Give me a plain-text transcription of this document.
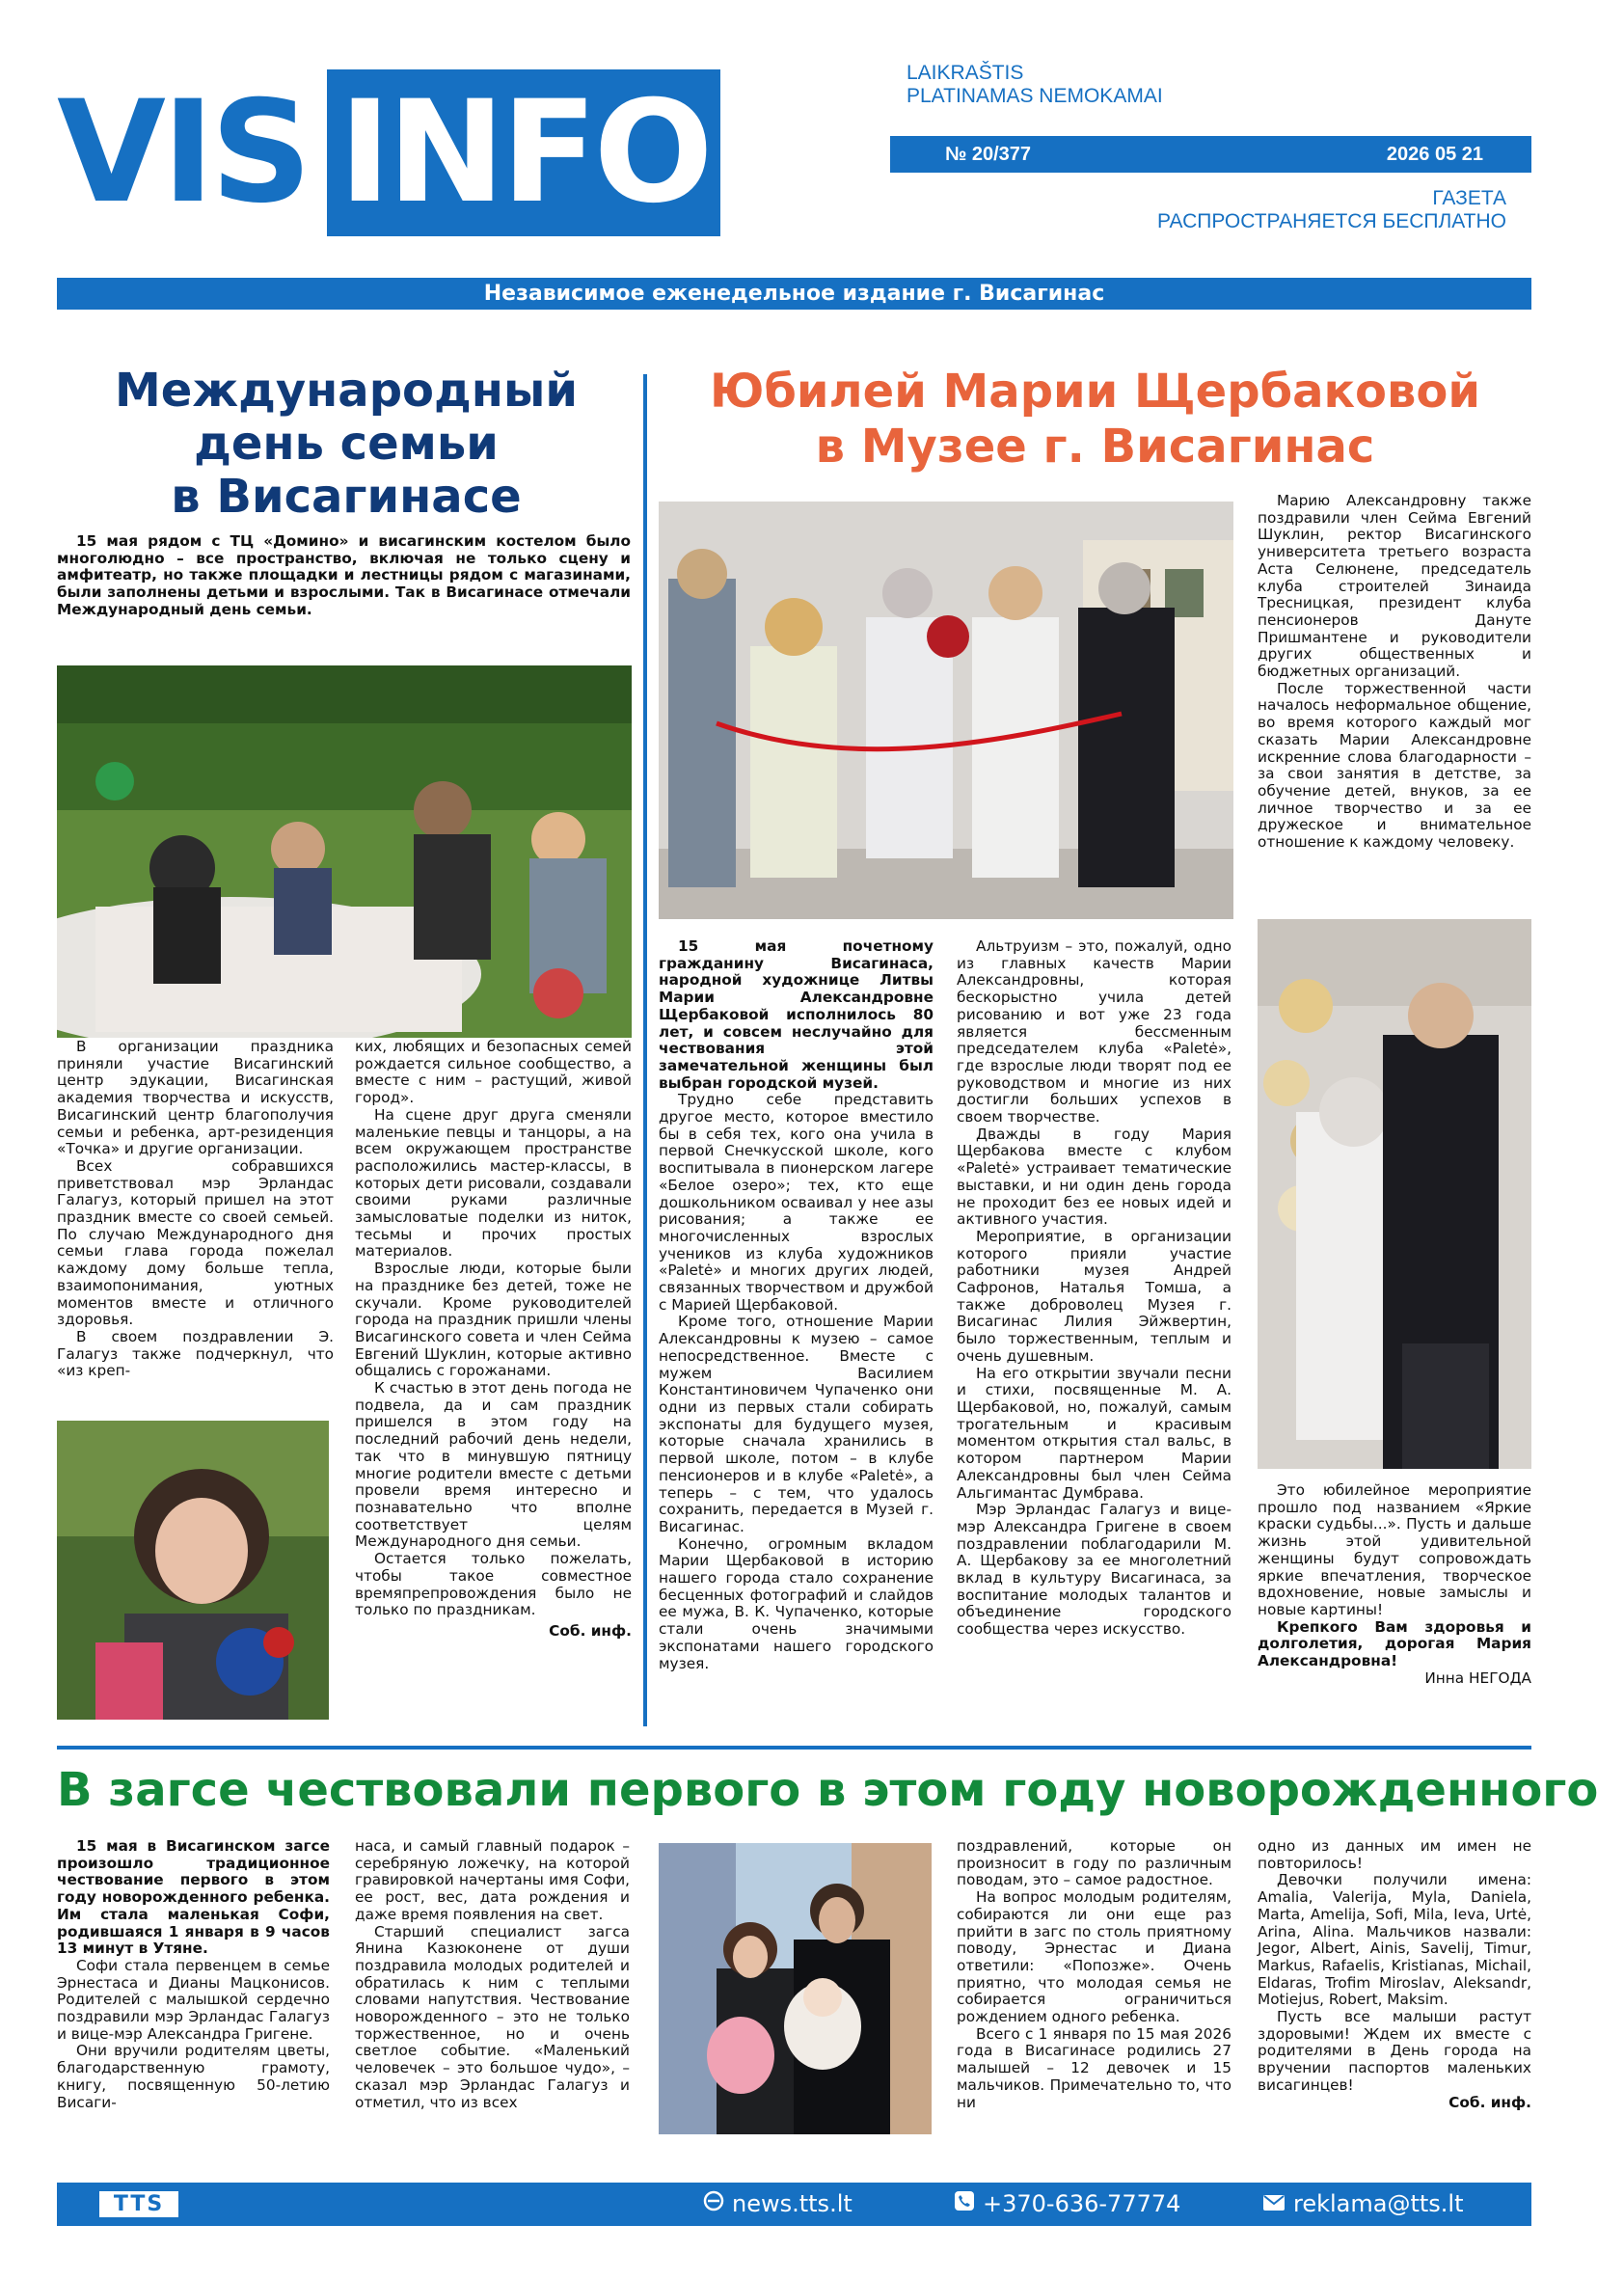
VIS INFO	LAIKRAŠTIS
PLATINAMAS NEMOKAMAI
№ 20/377	2026 05 21
ГАЗЕТА
РАСПРОСТРАНЯЕТСЯ БЕСПЛАТНО
Независимое еженедельное издание г. Висагинас
Международный
день семьи
в Висагинасе

15 мая рядом с ТЦ «Домино» и висагинским костелом было многолюдно – все пространство, включая не только сцену и амфитеатр, но также площадки и лестницы рядом с магазинами, были заполнены детьми и взрослыми. Так в Висагинасе отмечали Международный день семьи.

В организации праздника приняли участие Висагинский центр эдукации, Висагинская академия творчества и искусств, Висагинский центр благополучия семьи и ребенка, арт-резиденция «Точка» и другие организации.

Всех собравшихся приветствовал мэр Эрландас Галагуз, который пришел на этот праздник вместе со своей семьей. По случаю Международного дня семьи глава города пожелал каждому дому больше тепла, взаимопонимания, уютных моментов вместе и отличного здоровья.

В своем поздравлении Э. Галагуз также подчеркнул, что «из креп-

ких, любящих и безопасных семей рождается сильное сообщество, а вместе с ним – растущий, живой город».

На сцене друг друга сменяли маленькие певцы и танцоры, а на всем окружающем пространстве расположились мастер-классы, в которых дети рисовали, создавали своими руками различные замысловатые поделки из ниток, тесьмы и прочих простых материалов.

Взрослые люди, которые были на празднике без детей, тоже не скучали. Кроме руководителей города на праздник пришли члены Висагинского совета и член Сейма Евгений Шуклин, которые активно общались с горожанами.

К счастью в этот день погода не подвела, да и сам праздник пришелся в этом году на последний рабочий день недели, так что в минувшую пятницу многие родители вместе с детьми провели время интересно и познавательно что вполне соответствует целям Международного дня семьи.

Остается только пожелать, чтобы такое совместное времяпрепровождения было не только по праздникам.

Соб. инф.
Юбилей Марии Щербаковой
в Музее г. Висагинас

15 мая почетному гражданину Висагинаса, народной художнице Литвы Марии Александровне Щербаковой исполнилось 80 лет, и совсем неслучайно для чествования этой замечательной женщины был выбран городской музей.

Трудно себе представить другое место, которое вместило бы в себя тех, кого она учила в первой Снечкусской школе, кого воспитывала в пионерском лагере «Белое озеро»; тех, кто еще дошкольником осваивал у нее азы рисования; а также ее многочисленных взрослых учеников из клуба художников «Paletė» и многих других людей, связанных творчеством и дружбой с Марией Щербаковой.

Кроме того, отношение Марии Александровны к музею – самое непосредственное. Вместе с мужем Василием Константиновичем Чупаченко они одни из первых стали собирать экспонаты для будущего музея, которые сначала хранились в первой школе, потом – в клубе пенсионеров и в клубе «Paletė», а теперь – с тем, что удалось сохранить, передается в Музей г. Висагинас.

Конечно, огромным вкладом Марии Щербаковой в историю нашего города стало сохранение бесценных фотографий и слайдов ее мужа, В. К. Чупаченко, которые стали очень значимыми экспонатами нашего городского музея.

Альтруизм – это, пожалуй, одно из главных качеств Марии Александровны, которая бескорыстно учила детей рисованию и вот уже 23 года является бессменным председателем клуба «Paletė», где взрослые люди творят под ее руководством и многие из них достигли больших успехов в своем творчестве.

Дважды в году Мария Щербакова вместе с клубом «Paletė» устраивает тематические выставки, и ни один день города не проходит без ее новых идей и активного участия.

Мероприятие, в организации которого прияли участие работники музея Андрей Сафронов, Наталья Томша, а также доброволец Музея г. Висагинас Лилия Эйжвертин, было торжественным, теплым и очень душевным.

На его открытии звучали песни и стихи, посвященные М. А. Щербаковой, но, пожалуй, самым трогательным и красивым моментом открытия стал вальс, в котором партнером Марии Александровны был член Сейма Альгимантас Думбрава.

Мэр Эрландас Галагуз и вице-мэр Александра Григене в своем поздравлении поблагодарили М. А. Щербакову за ее многолетний вклад в культуру Висагинаса, за воспитание молодых талантов и объединение городского сообщества через искусство.

Марию Александровну также поздравили член Сейма Евгений Шуклин, ректор Висагинского университета третьего возраста Аста Селюнене, председатель клуба строителей Зинаида Тресницкая, президент клуба пенсионеров Дануте Пришмантене и руководители других общественных и бюджетных организаций.

После торжественной части началось неформальное общение, во время которого каждый мог сказать Марии Александровне искренние слова благодарности – за свои занятия в детстве, за обучение детей, внуков, за ее личное творчество и за ее дружеское и внимательное отношение к каждому человеку.

Это юбилейное мероприятие прошло под названием «Яркие краски судьбы...». Пусть и дальше жизнь этой удивительной женщины будут сопровождать яркие впечатления, творческое вдохновение, новые замыслы и новые картины!

Крепкого Вам здоровья и долголетия, дорогая Мария Александровна!

Инна НЕГОДА
В загсе чествовали первого в этом году новорожденного

15 мая в Висагинском загсе произошло традиционное чествование первого в этом году новорожденного ребенка. Им стала маленькая Софи, родившаяся 1 января в 9 часов 13 минут в Утяне.

Софи стала первенцем в семье Эрнестаса и Дианы Мацконисов. Родителей с малышкой сердечно поздравили мэр Эрландас Галагуз и вице-мэр Александра Григене.

Они вручили родителям цветы, благодарственную грамоту, книгу, посвященную 50-летию Висаги-

наса, и самый главный подарок – серебряную ложечку, на которой гравировкой начертаны имя Софи, ее рост, вес, дата рождения и даже время появления на свет.

Старший специалист загса Янина Казюконене от души поздравила молодых родителей и обратилась к ним с теплыми словами напутствия. Чествование новорожденного – это не только торжественное, но и очень светлое событие. «Маленький человечек – это большое чудо», – сказал мэр Эрландас Галагуз и отметил, что из всех

поздравлений, которые он произносит в году по различным поводам, это – самое радостное.

На вопрос молодым родителям, собираются ли они еще раз прийти в загс по столь приятному поводу, Эрнестас и Диана ответили: «Попозже». Очень приятно, что молодая семья не собирается ограничиться рождением одного ребенка.

Всего с 1 января по 15 мая 2026 года в Висагинасе родились 27 малышей – 12 девочек и 15 мальчиков. Примечательно то, что ни

одно из данных им имен не повторилось!

Девочки получили имена: Amalia, Valerija, Myla, Daniela, Marta, Amelija, Sofi, Mila, Ieva, Urtė, Arina, Alina. Мальчиков назвали: Jegor, Albert, Ainis, Savelij, Timur, Markus, Rafaelis, Kristianas, Michail, Eldaras, Trofim Miroslav, Aleksandr, Motiejus, Robert, Maksim.

Пусть все малыши растут здоровыми! Ждем их вместе с родителями в День города на вручении паспортов маленьких висагинцев!

Соб. инф.
TTS	news.tts.lt	+370-636-77774	reklama@tts.lt
